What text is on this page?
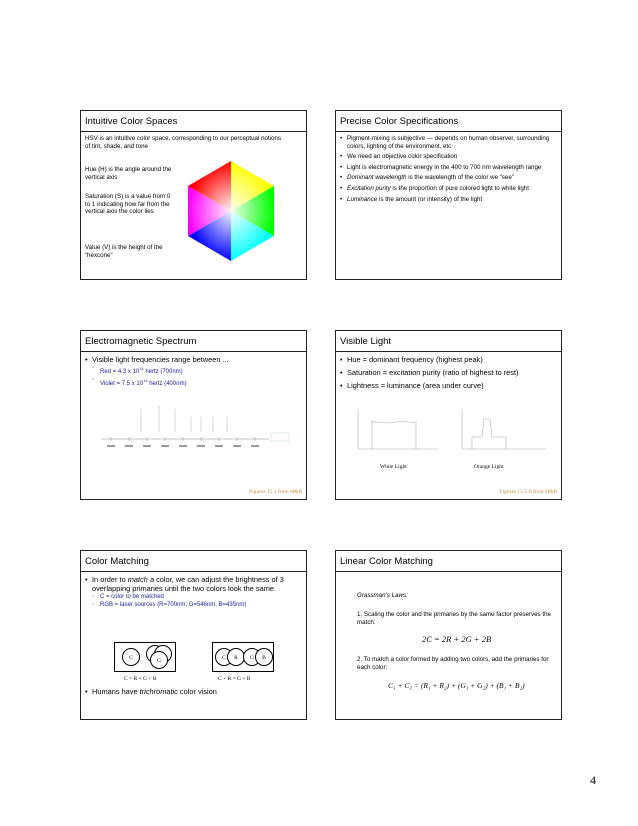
Intuitive Color Spaces
HSV is an intuitive color space, corresponding to our perceptual notions of tint, shade, and tone
Hue (H) is the angle around the vertical axis
Saturation (S) is a value from 0 to 1 indicating how far from the vertical axis the color lies
Value (V) is the height of the “hexcone”
Precise Color Specifications
• Pigment-mixing is subjective --- depends on human observer, surrounding colors, lighting of the environment, etc
• We need an objective color specification
• Light is electromagnetic energy in the 400 to 700 nm wavelength range
• Dominant wavelength is the wavelength of the color we “see”
• Excitation purity is the proportion of pure colored light to white light
• Luminance is the amount (or intensity) of the light
Electromagnetic Spectrum
• Visible light frequencies range between ...
◦ Red = 4.3 x $10^{14}$ hertz (700nm)
◦ Violet = 7.5 x $10^{14}$ hertz (400nm)
Figures 15.1 from H&B
Visible Light
• Hue = dominant frequency (highest peak)
• Saturation = excitation purity (ratio of highest to rest)
• Lightness = luminance (area under curve)
White Light	Orange Light
Figures 15.5-6 from H&B
Color Matching
• In order to match a color, we can adjust the brightness of 3 overlapping primaries until the two colors look the same.
◦ C = color to be matched
◦ RGB = laser sources (R=700nm, G=546nm, B=435nm)
C	G	C	R	G	B
C = R + G + B	C + R = G + B
• Humans have trichromatic color vision
Linear Color Matching
Grassman’s Laws:
1. Scaling the color and the primaries by the same factor preserves the match:
2C = 2R + 2G + 2B
2. To match a color formed by adding two colors, add the primaries for each color:
C₁ + C₂ = (R₁ + R₂) + (G₁ + G₂) + (B₁ + B₂)
4
